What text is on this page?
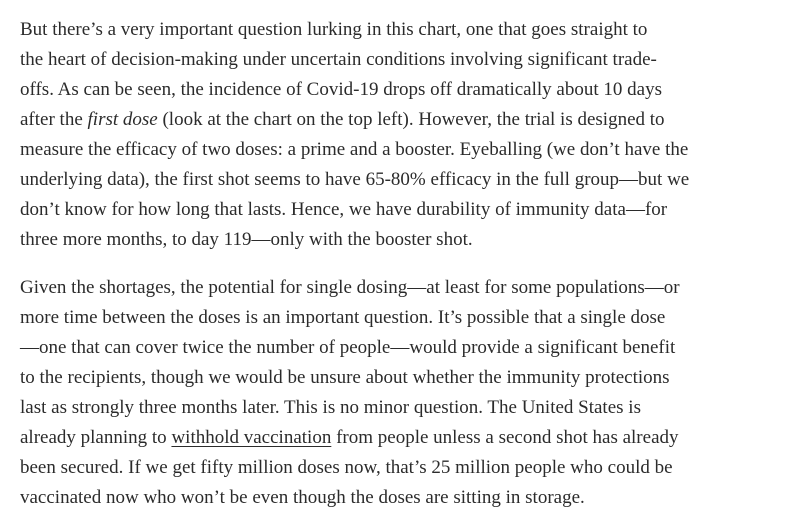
But there’s a very important question lurking in this chart, one that goes straight to
the heart of decision-making under uncertain conditions involving significant trade-
offs. As can be seen, the incidence of Covid-19 drops off dramatically about 10 days
after the first dose (look at the chart on the top left). However, the trial is designed to
measure the efficacy of two doses: a prime and a booster. Eyeballing (we don’t have the
underlying data), the first shot seems to have 65-80% efficacy in the full group—but we
don’t know for how long that lasts. Hence, we have durability of immunity data—for
three more months, to day 119—only with the booster shot.

Given the shortages, the potential for single dosing—at least for some populations—or
more time between the doses is an important question. It’s possible that a single dose
—one that can cover twice the number of people—would provide a significant benefit
to the recipients, though we would be unsure about whether the immunity protections
last as strongly three months later. This is no minor question. The United States is
already planning to withhold vaccination from people unless a second shot has already
been secured. If we get fifty million doses now, that’s 25 million people who could be
vaccinated now who won’t be even though the doses are sitting in storage.
